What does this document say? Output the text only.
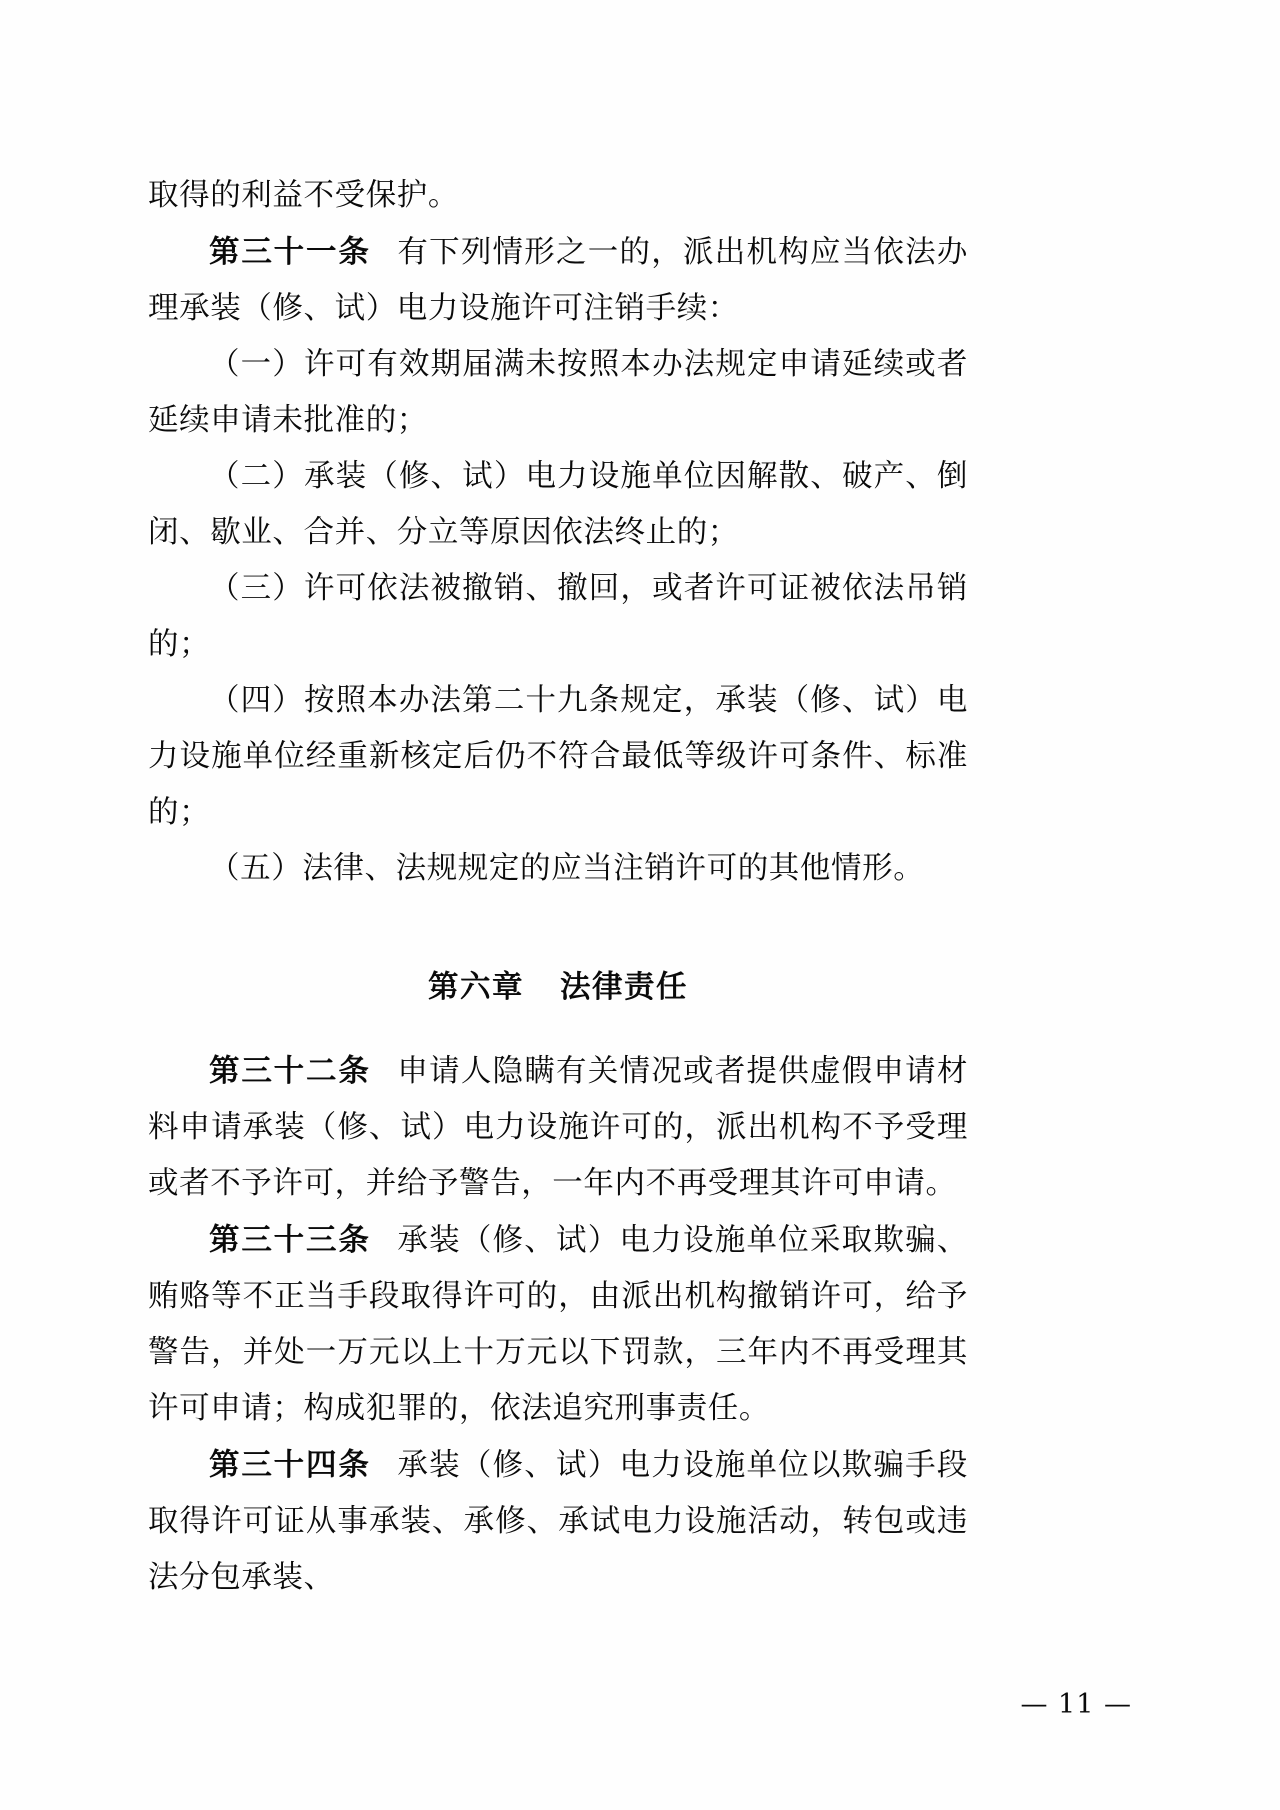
取得的利益不受保护。

第三十一条 有下列情形之一的，派出机构应当依法办理承装（修、试）电力设施许可注销手续：

（一）许可有效期届满未按照本办法规定申请延续或者延续申请未批准的；

（二）承装（修、试）电力设施单位因解散、破产、倒闭、歇业、合并、分立等原因依法终止的；

（三）许可依法被撤销、撤回，或者许可证被依法吊销的；

（四）按照本办法第二十九条规定，承装（修、试）电力设施单位经重新核定后仍不符合最低等级许可条件、标准的；

（五）法律、法规规定的应当注销许可的其他情形。

第六章 法律责任

第三十二条 申请人隐瞒有关情况或者提供虚假申请材料申请承装（修、试）电力设施许可的，派出机构不予受理或者不予许可，并给予警告，一年内不再受理其许可申请。

第三十三条 承装（修、试）电力设施单位采取欺骗、贿赂等不正当手段取得许可的，由派出机构撤销许可，给予警告，并处一万元以上十万元以下罚款，三年内不再受理其许可申请；构成犯罪的，依法追究刑事责任。

第三十四条 承装（修、试）电力设施单位以欺骗手段取得许可证从事承装、承修、承试电力设施活动，转包或违法分包承装、

— 11 —
